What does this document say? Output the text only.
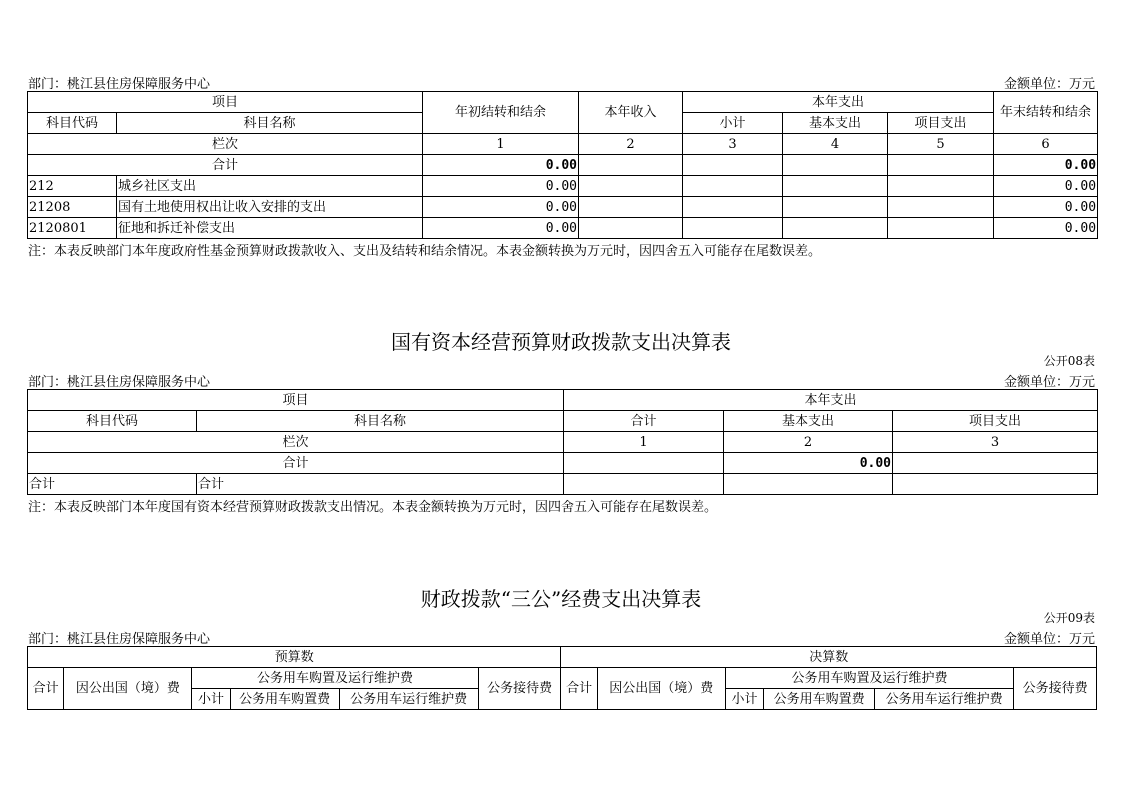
部门：桃江县住房保障服务中心	金额单位：万元
项目		年初结转和结余	本年收入	本年支出			年末结转和结余
科目代码	科目名称			小计	基本支出	项目支出	
栏次		1	2	3	4	5	6
合计		0.00					0.00
212	城乡社区支出	0.00					0.00
21208	国有土地使用权出让收入安排的支出	0.00					0.00
2120801	征地和拆迁补偿支出	0.00					0.00
注：本表反映部门本年度政府性基金预算财政拨款收入、支出及结转和结余情况。本表金额转换为万元时，因四舍五入可能存在尾数误差。
国有资本经营预算财政拨款支出决算表
公开08表
部门：桃江县住房保障服务中心	金额单位：万元
项目		本年支出		
科目代码	科目名称	合计	基本支出	项目支出
栏次		1	2	3
合计			0.00	
合计	合计			
注：本表反映部门本年度国有资本经营预算财政拨款支出情况。本表金额转换为万元时，因四舍五入可能存在尾数误差。
财政拨款“三公”经费支出决算表
公开09表
部门：桃江县住房保障服务中心	金额单位：万元
预算数						决算数					
合计	因公出国（境）费	公务用车购置及运行维护费			公务接待费	合计	因公出国（境）费	公务用车购置及运行维护费			公务接待费
		小计	公务用车购置费	公务用车运行维护费				小计	公务用车购置费	公务用车运行维护费	
